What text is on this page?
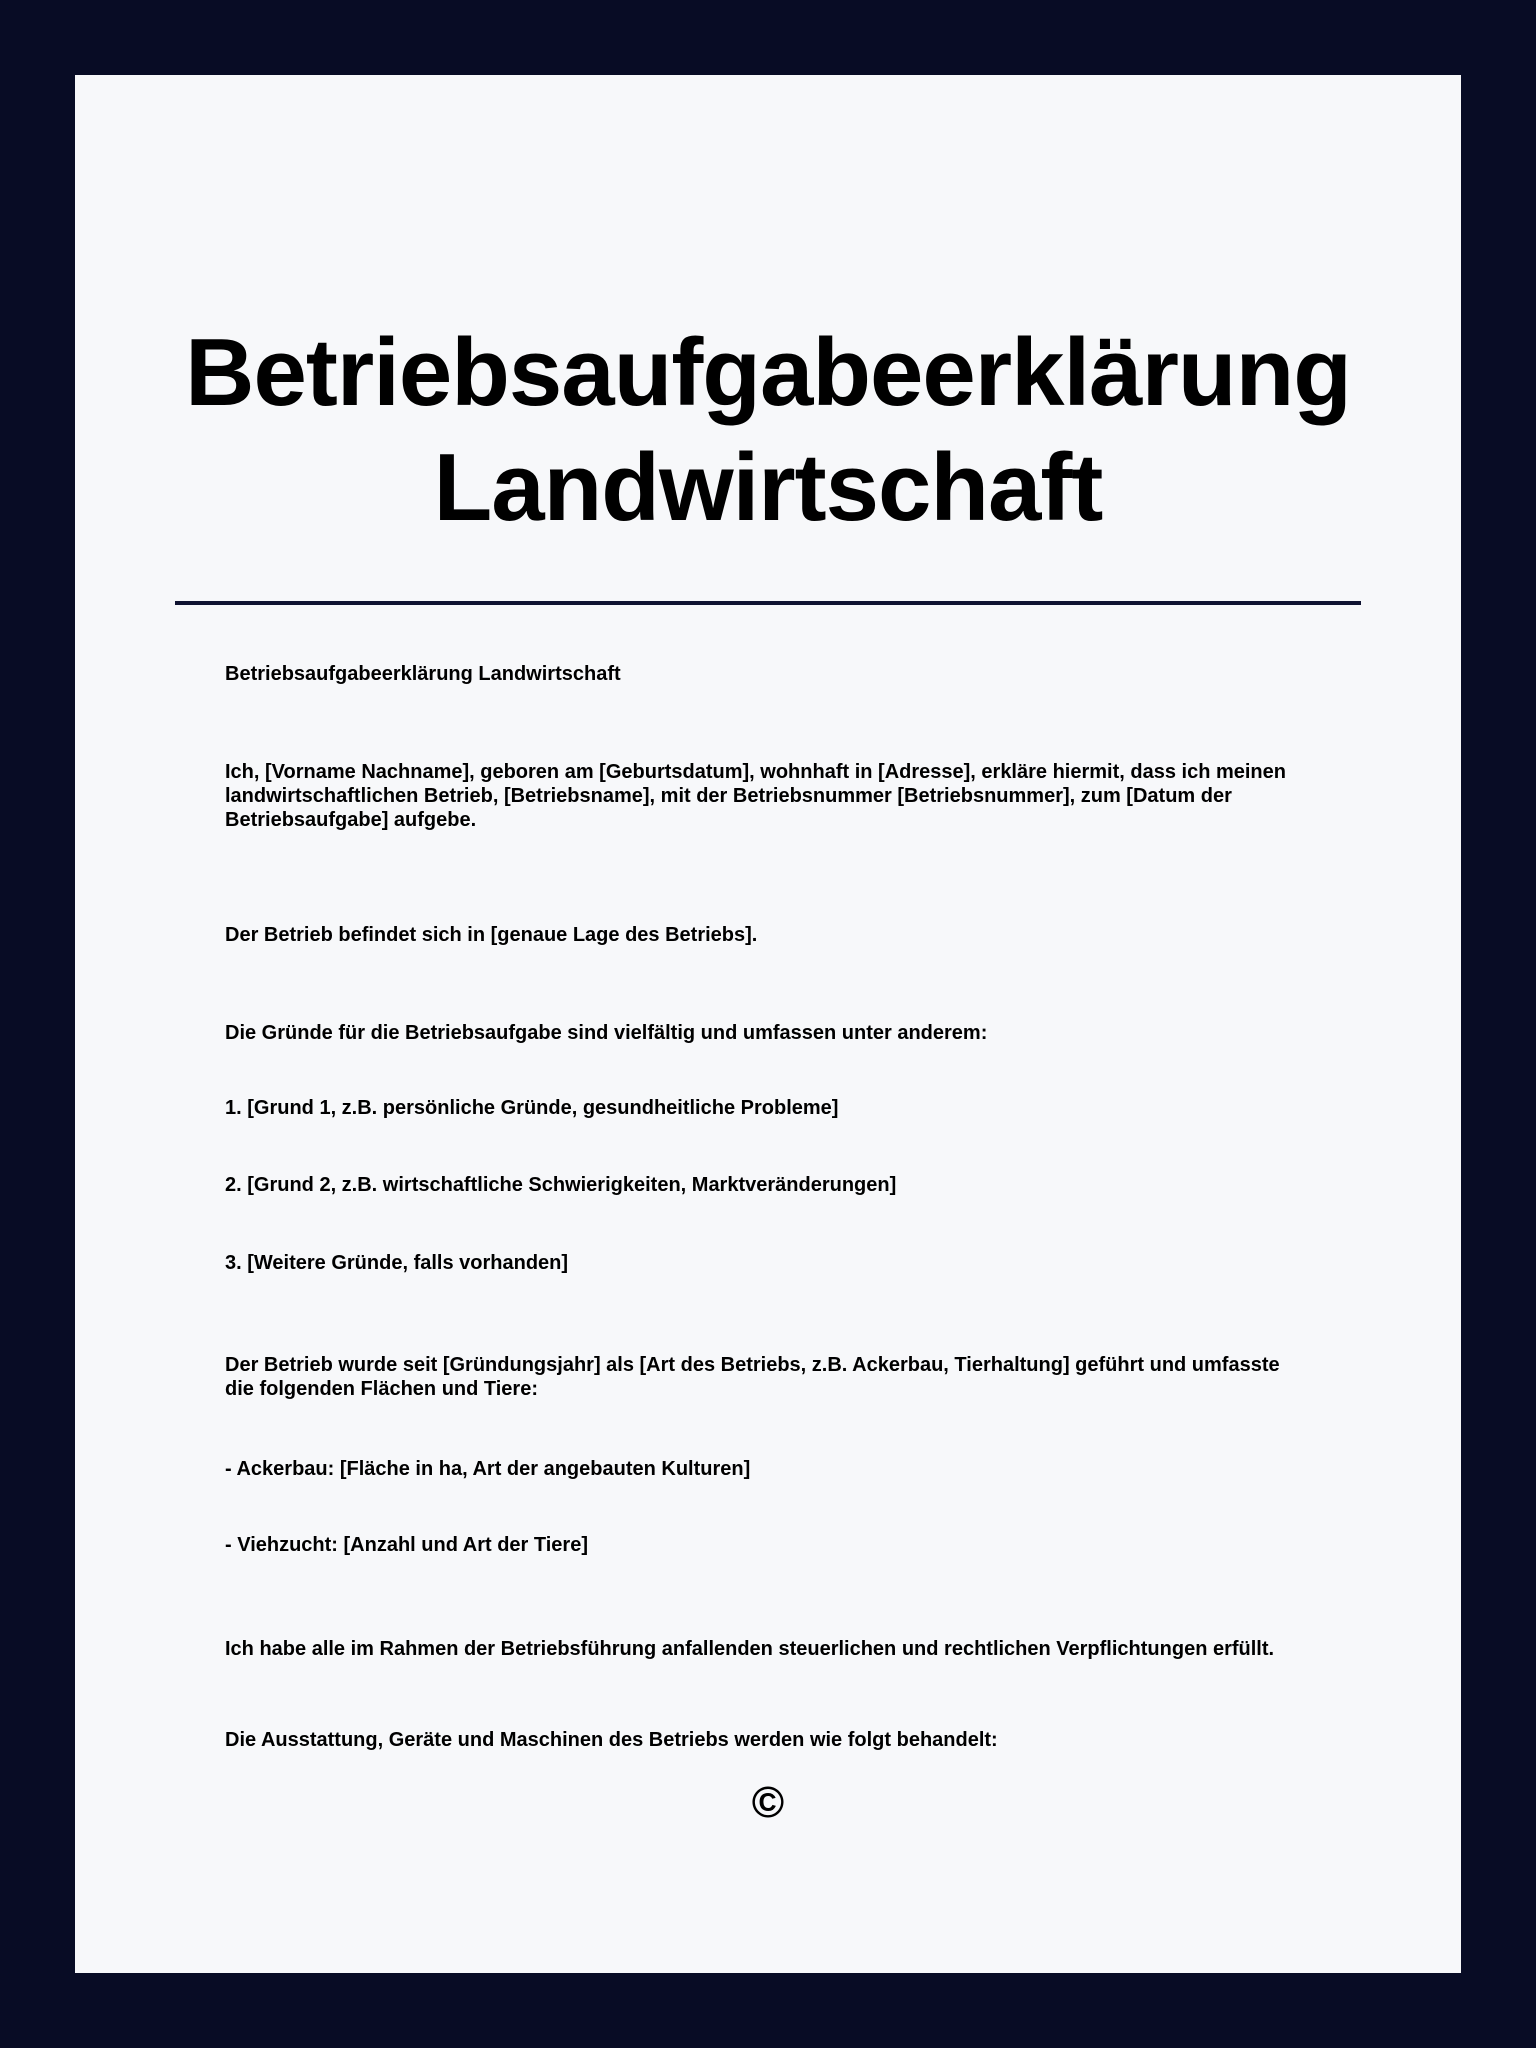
Betriebsaufgabeerklärung
Landwirtschaft

Betriebsaufgabeerklärung Landwirtschaft

Ich, [Vorname Nachname], geboren am [Geburtsdatum], wohnhaft in [Adresse], erkläre hiermit, dass ich meinen landwirtschaftlichen Betrieb, [Betriebsname], mit der Betriebsnummer [Betriebsnummer], zum [Datum der Betriebsaufgabe] aufgebe.

Der Betrieb befindet sich in [genaue Lage des Betriebs].

Die Gründe für die Betriebsaufgabe sind vielfältig und umfassen unter anderem:

1. [Grund 1, z.B. persönliche Gründe, gesundheitliche Probleme]

2. [Grund 2, z.B. wirtschaftliche Schwierigkeiten, Marktveränderungen]

3. [Weitere Gründe, falls vorhanden]

Der Betrieb wurde seit [Gründungsjahr] als [Art des Betriebs, z.B. Ackerbau, Tierhaltung] geführt und umfasste die folgenden Flächen und Tiere:

- Ackerbau: [Fläche in ha, Art der angebauten Kulturen]

- Viehzucht: [Anzahl und Art der Tiere]

Ich habe alle im Rahmen der Betriebsführung anfallenden steuerlichen und rechtlichen Verpflichtungen erfüllt.

Die Ausstattung, Geräte und Maschinen des Betriebs werden wie folgt behandelt:

©
